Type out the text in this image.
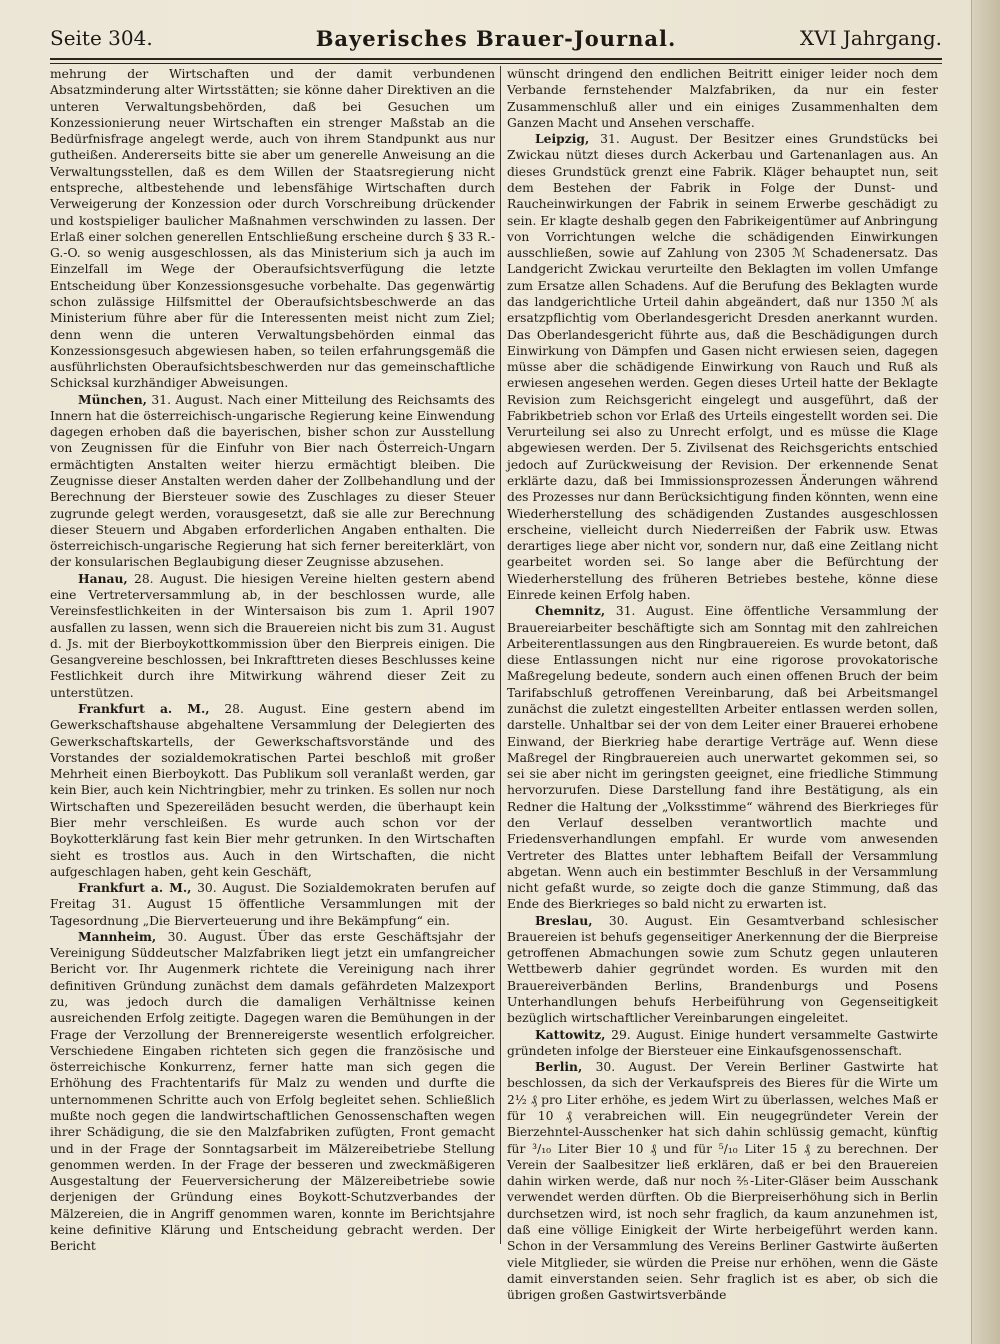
Seite 304.	Bayerisches Brauer-Journal.	XVI Jahrgang.

mehrung der Wirtschaften und der damit verbundenen Absatzminderung alter Wirtsstätten; sie könne daher Direktiven an die unteren Verwaltungsbehörden, daß bei Gesuchen um Konzessionierung neuer Wirtschaften ein strenger Maßstab an die Bedürfnisfrage angelegt werde, auch von ihrem Standpunkt aus nur gutheißen. Andererseits bitte sie aber um generelle Anweisung an die Verwaltungsstellen, daß es dem Willen der Staatsregierung nicht entspreche, altbestehende und lebensfähige Wirtschaften durch Verweigerung der Konzession oder durch Vorschreibung drückender und kostspieliger baulicher Maßnahmen verschwinden zu lassen. Der Erlaß einer solchen generellen Entschließung erscheine durch § 33 R.-G.-O. so wenig ausgeschlossen, als das Ministerium sich ja auch im Einzelfall im Wege der Oberaufsichtsverfügung die letzte Entscheidung über Konzessionsgesuche vorbehalte. Das gegenwärtig schon zulässige Hilfsmittel der Oberaufsichtsbeschwerde an das Ministerium führe aber für die Interessenten meist nicht zum Ziel; denn wenn die unteren Verwaltungsbehörden einmal das Konzessionsgesuch abgewiesen haben, so teilen erfahrungsgemäß die ausführlichsten Oberaufsichtsbeschwerden nur das gemeinschaftliche Schicksal kurzhändiger Abweisungen.

München, 31. August. Nach einer Mitteilung des Reichsamts des Innern hat die österreichisch-ungarische Regierung keine Einwendung dagegen erhoben daß die bayerischen, bisher schon zur Ausstellung von Zeugnissen für die Einfuhr von Bier nach Österreich-Ungarn ermächtigten Anstalten weiter hierzu ermächtigt bleiben. Die Zeugnisse dieser Anstalten werden daher der Zollbehandlung und der Berechnung der Biersteuer sowie des Zuschlages zu dieser Steuer zugrunde gelegt werden, vorausgesetzt, daß sie alle zur Berechnung dieser Steuern und Abgaben erforderlichen Angaben enthalten. Die österreichisch-ungarische Regierung hat sich ferner bereiterklärt, von der konsularischen Beglaubigung dieser Zeugnisse abzusehen.

Hanau, 28. August. Die hiesigen Vereine hielten gestern abend eine Vertreterversammlung ab, in der beschlossen wurde, alle Vereinsfestlichkeiten in der Wintersaison bis zum 1. April 1907 ausfallen zu lassen, wenn sich die Brauereien nicht bis zum 31. August d. Js. mit der Bierboykottkommission über den Bierpreis einigen. Die Gesangvereine beschlossen, bei Inkrafttreten dieses Beschlusses keine Festlichkeit durch ihre Mitwirkung während dieser Zeit zu unterstützen.

Frankfurt a. M., 28. August. Eine gestern abend im Gewerkschaftshause abgehaltene Versammlung der Delegierten des Gewerkschaftskartells, der Gewerkschaftsvorstände und des Vorstandes der sozialdemokratischen Partei beschloß mit großer Mehrheit einen Bierboykott. Das Publikum soll veranlaßt werden, gar kein Bier, auch kein Nichtringbier, mehr zu trinken. Es sollen nur noch Wirtschaften und Spezereiläden besucht werden, die überhaupt kein Bier mehr verschleißen. Es wurde auch schon vor der Boykotterklärung fast kein Bier mehr getrunken. In den Wirtschaften sieht es trostlos aus. Auch in den Wirtschaften, die nicht aufgeschlagen haben, geht kein Geschäft,

Frankfurt a. M., 30. August. Die Sozialdemokraten berufen auf Freitag 31. August 15 öffentliche Versammlungen mit der Tagesordnung „Die Bierverteuerung und ihre Bekämpfung“ ein.

Mannheim, 30. August. Über das erste Geschäftsjahr der Vereinigung Süddeutscher Malzfabriken liegt jetzt ein umfangreicher Bericht vor. Ihr Augenmerk richtete die Vereinigung nach ihrer definitiven Gründung zunächst dem damals gefährdeten Malzexport zu, was jedoch durch die damaligen Verhältnisse keinen ausreichenden Erfolg zeitigte. Dagegen waren die Bemühungen in der Frage der Verzollung der Brennereigerste wesentlich erfolgreicher. Verschiedene Eingaben richteten sich gegen die französische und österreichische Konkurrenz, ferner hatte man sich gegen die Erhöhung des Frachtentarifs für Malz zu wenden und durfte die unternommenen Schritte auch von Erfolg begleitet sehen. Schließlich mußte noch gegen die landwirtschaftlichen Genossenschaften wegen ihrer Schädigung, die sie den Malzfabriken zufügten, Front gemacht und in der Frage der Sonntagsarbeit im Mälzereibetriebe Stellung genommen werden. In der Frage der besseren und zweckmäßigeren Ausgestaltung der Feuerversicherung der Mälzereibetriebe sowie derjenigen der Gründung eines Boykott-Schutzverbandes der Mälzereien, die in Angriff genommen waren, konnte im Berichtsjahre keine definitive Klärung und Entscheidung gebracht werden. Der Bericht

wünscht dringend den endlichen Beitritt einiger leider noch dem Verbande fernstehender Malzfabriken, da nur ein fester Zusammenschluß aller und ein einiges Zusammenhalten dem Ganzen Macht und Ansehen verschaffe.

Leipzig, 31. August. Der Besitzer eines Grundstücks bei Zwickau nützt dieses durch Ackerbau und Gartenanlagen aus. An dieses Grundstück grenzt eine Fabrik. Kläger behauptet nun, seit dem Bestehen der Fabrik in Folge der Dunst- und Raucheinwirkungen der Fabrik in seinem Erwerbe geschädigt zu sein. Er klagte deshalb gegen den Fabrikeigentümer auf Anbringung von Vorrichtungen welche die schädigenden Einwirkungen ausschließen, sowie auf Zahlung von 2305 ℳ Schadenersatz. Das Landgericht Zwickau verurteilte den Beklagten im vollen Umfange zum Ersatze allen Schadens. Auf die Berufung des Beklagten wurde das landgerichtliche Urteil dahin abgeändert, daß nur 1350 ℳ als ersatzpflichtig vom Oberlandesgericht Dresden anerkannt wurden. Das Oberlandesgericht führte aus, daß die Beschädigungen durch Einwirkung von Dämpfen und Gasen nicht erwiesen seien, dagegen müsse aber die schädigende Einwirkung von Rauch und Ruß als erwiesen angesehen werden. Gegen dieses Urteil hatte der Beklagte Revision zum Reichsgericht eingelegt und ausgeführt, daß der Fabrikbetrieb schon vor Erlaß des Urteils eingestellt worden sei. Die Verurteilung sei also zu Unrecht erfolgt, und es müsse die Klage abgewiesen werden. Der 5. Zivilsenat des Reichsgerichts entschied jedoch auf Zurückweisung der Revision. Der erkennende Senat erklärte dazu, daß bei Immissionsprozessen Änderungen während des Prozesses nur dann Berücksichtigung finden könnten, wenn eine Wiederherstellung des schädigenden Zustandes ausgeschlossen erscheine, vielleicht durch Niederreißen der Fabrik usw. Etwas derartiges liege aber nicht vor, sondern nur, daß eine Zeitlang nicht gearbeitet worden sei. So lange aber die Befürchtung der Wiederherstellung des früheren Betriebes bestehe, könne diese Einrede keinen Erfolg haben.

Chemnitz, 31. August. Eine öffentliche Versammlung der Brauereiarbeiter beschäftigte sich am Sonntag mit den zahlreichen Arbeiterentlassungen aus den Ringbrauereien. Es wurde betont, daß diese Entlassungen nicht nur eine rigorose provokatorische Maßregelung bedeute, sondern auch einen offenen Bruch der beim Tarifabschluß getroffenen Vereinbarung, daß bei Arbeitsmangel zunächst die zuletzt eingestellten Arbeiter entlassen werden sollen, darstelle. Unhaltbar sei der von dem Leiter einer Brauerei erhobene Einwand, der Bierkrieg habe derartige Verträge auf. Wenn diese Maßregel der Ringbrauereien auch unerwartet gekommen sei, so sei sie aber nicht im geringsten geeignet, eine friedliche Stimmung hervorzurufen. Diese Darstellung fand ihre Bestätigung, als ein Redner die Haltung der „Volksstimme“ während des Bierkrieges für den Verlauf desselben verantwortlich machte und Friedensverhandlungen empfahl. Er wurde vom anwesenden Vertreter des Blattes unter lebhaftem Beifall der Versammlung abgetan. Wenn auch ein bestimmter Beschluß in der Versammlung nicht gefaßt wurde, so zeigte doch die ganze Stimmung, daß das Ende des Bierkrieges so bald nicht zu erwarten ist.

Breslau, 30. August. Ein Gesamtverband schlesischer Brauereien ist behufs gegenseitiger Anerkennung der die Bierpreise getroffenen Abmachungen sowie zum Schutz gegen unlauteren Wettbewerb dahier gegründet worden. Es wurden mit den Brauereiverbänden Berlins, Brandenburgs und Posens Unterhandlungen behufs Herbeiführung von Gegenseitigkeit bezüglich wirtschaftlicher Vereinbarungen eingeleitet.

Kattowitz, 29. August. Einige hundert versammelte Gastwirte gründeten infolge der Biersteuer eine Einkaufsgenossenschaft.

Berlin, 30. August. Der Verein Berliner Gastwirte hat beschlossen, da sich der Verkaufspreis des Bieres für die Wirte um 2½ ₰ pro Liter erhöhe, es jedem Wirt zu überlassen, welches Maß er für 10 ₰ verabreichen will. Ein neugegründeter Verein der Bierzehntel-Ausschenker hat sich dahin schlüssig gemacht, künftig für ³/₁₀ Liter Bier 10 ₰ und für ⁵/₁₀ Liter 15 ₰ zu berechnen. Der Verein der Saalbesitzer ließ erklären, daß er bei den Brauereien dahin wirken werde, daß nur noch ⅖-Liter-Gläser beim Ausschank verwendet werden dürften. Ob die Bierpreiserhöhung sich in Berlin durchsetzen wird, ist noch sehr fraglich, da kaum anzunehmen ist, daß eine völlige Einigkeit der Wirte herbeigeführt werden kann. Schon in der Versammlung des Vereins Berliner Gastwirte äußerten viele Mitglieder, sie würden die Preise nur erhöhen, wenn die Gäste damit einverstanden seien. Sehr fraglich ist es aber, ob sich die übrigen großen Gastwirtsverbände
